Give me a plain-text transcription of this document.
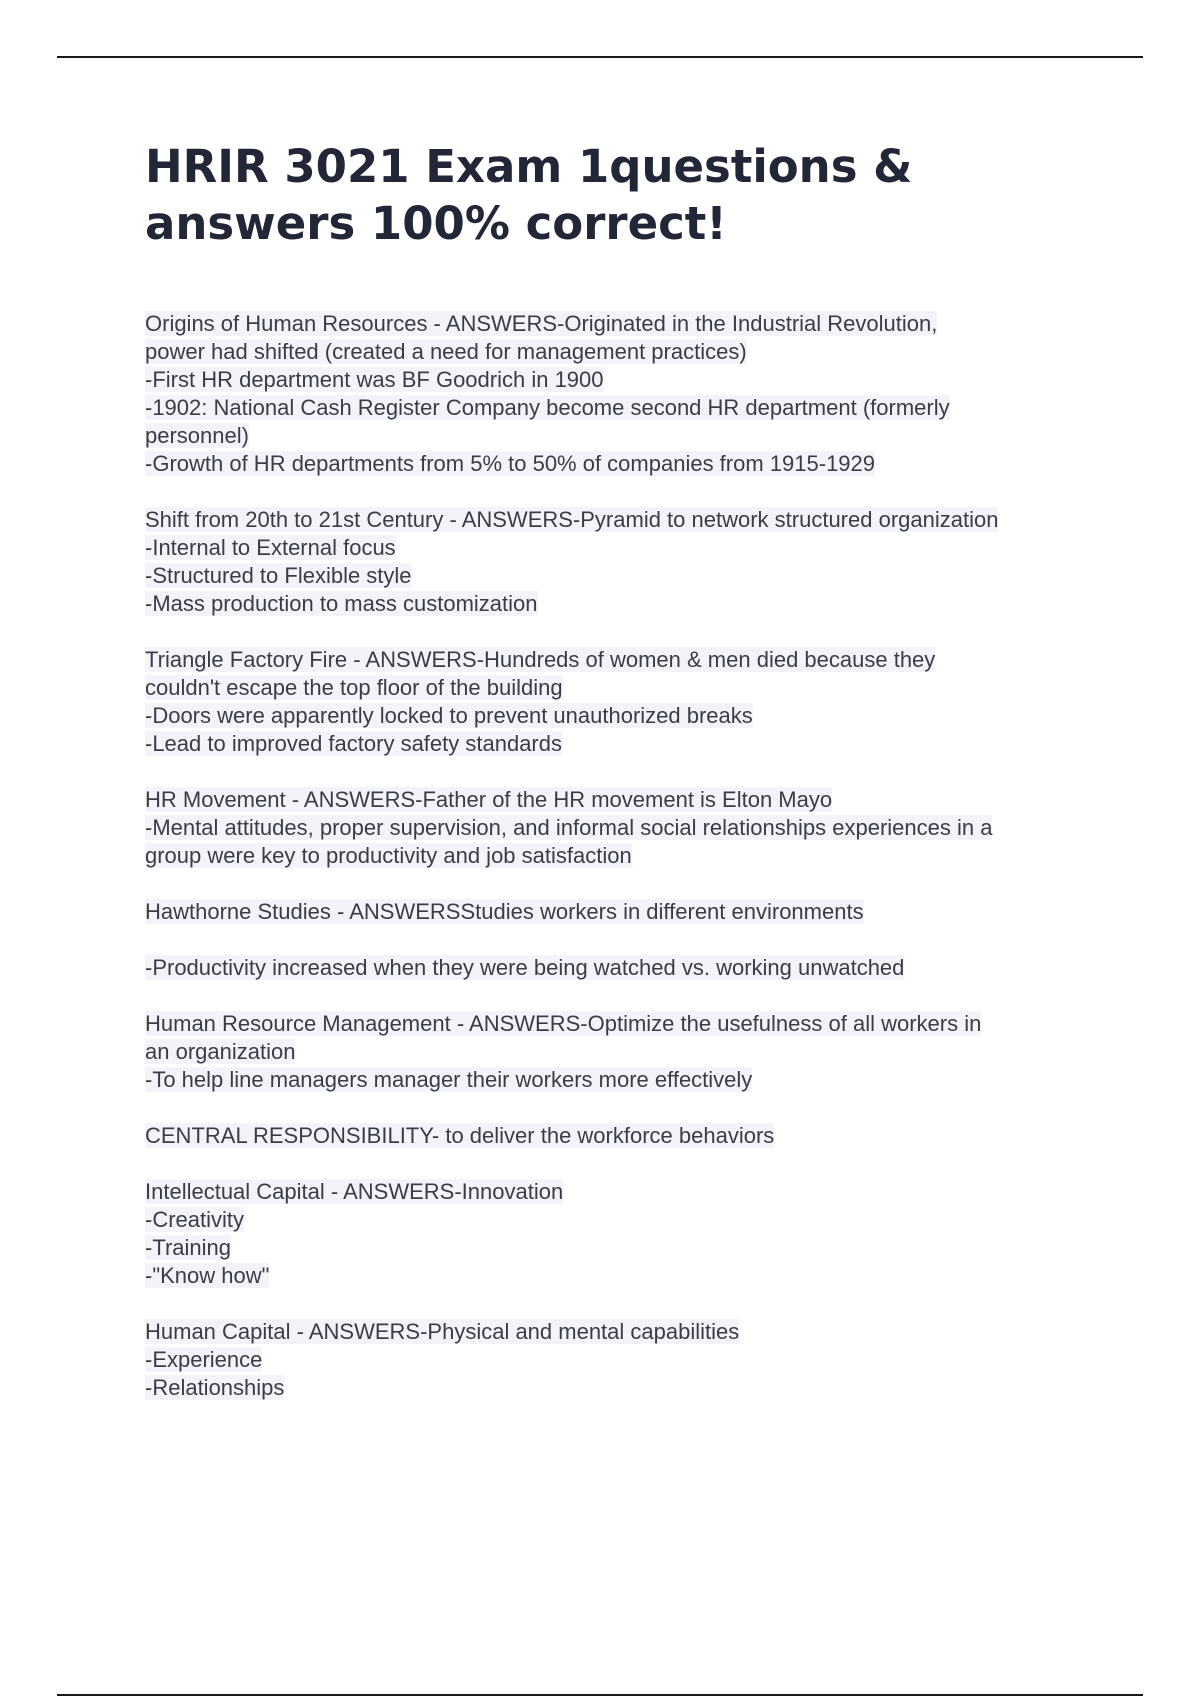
HRIR 3021 Exam 1questions & answers 100% correct!
Origins of Human Resources - ANSWERS-Originated in the Industrial Revolution,
power had shifted (created a need for management practices)
-First HR department was BF Goodrich in 1900
-1902: National Cash Register Company become second HR department (formerly
personnel)
-Growth of HR departments from 5% to 50% of companies from 1915-1929
Shift from 20th to 21st Century - ANSWERS-Pyramid to network structured organization
-Internal to External focus
-Structured to Flexible style
-Mass production to mass customization
Triangle Factory Fire - ANSWERS-Hundreds of women & men died because they
couldn't escape the top floor of the building
-Doors were apparently locked to prevent unauthorized breaks
-Lead to improved factory safety standards
HR Movement - ANSWERS-Father of the HR movement is Elton Mayo
-Mental attitudes, proper supervision, and informal social relationships experiences in a
group were key to productivity and job satisfaction
Hawthorne Studies - ANSWERSStudies workers in different environments
-Productivity increased when they were being watched vs. working unwatched
Human Resource Management - ANSWERS-Optimize the usefulness of all workers in
an organization
-To help line managers manager their workers more effectively
CENTRAL RESPONSIBILITY- to deliver the workforce behaviors
Intellectual Capital - ANSWERS-Innovation
-Creativity
-Training
-"Know how"
Human Capital - ANSWERS-Physical and mental capabilities
-Experience
-Relationships
